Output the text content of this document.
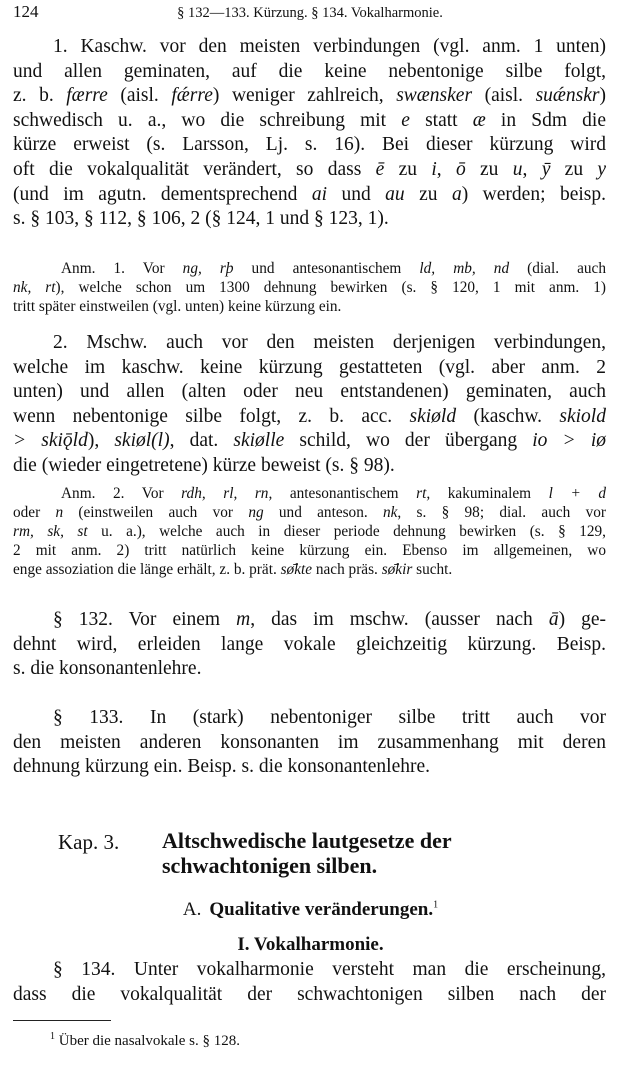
124	§ 132—133. Kürzung. § 134. Vokalharmonie.
1. Kaschw. vor den meisten verbindungen (vgl. anm. 1 unten)
und allen geminaten, auf die keine nebentonige silbe folgt,
z. b. færre (aisl. fǽrre) weniger zahlreich, swænsker (aisl. suǽnskr)
schwedisch u. a., wo die schreibung mit e statt æ in Sdm die
kürze erweist (s. Larsson, Lj. s. 16). Bei dieser kürzung wird
oft die vokalqualität verändert, so dass ē zu i, ō zu u, ȳ zu y
(und im agutn. dementsprechend ai und au zu a) werden; beisp.
s. § 103, § 112, § 106, 2 (§ 124, 1 und § 123, 1).
Anm. 1. Vor ng, rþ und antesonantischem ld, mb, nd (dial. auch
nk, rt), welche schon um 1300 dehnung bewirken (s. § 120, 1 mit anm. 1)
tritt später einstweilen (vgl. unten) keine kürzung ein.
2. Mschw. auch vor den meisten derjenigen verbindungen,
welche im kaschw. keine kürzung gestatteten (vgl. aber anm. 2
unten) und allen (alten oder neu entstandenen) geminaten, auch
wenn nebentonige silbe folgt, z. b. acc. skiøld (kaschw. skiold
> skiǭld), skiøl(l), dat. skiølle schild, wo der übergang io > iø
die (wieder eingetretene) kürze beweist (s. § 98).
Anm. 2. Vor rdh, rl, rn, antesonantischem rt, kakuminalem l + d
oder n (einstweilen auch vor ng und anteson. nk, s. § 98; dial. auch vor
rm, sk, st u. a.), welche auch in dieser periode dehnung bewirken (s. § 129,
2 mit anm. 2) tritt natürlich keine kürzung ein. Ebenso im allgemeinen, wo
enge assoziation die länge erhält, z. b. prät. sø̄kte nach präs. sø̄kir sucht.
§ 132. Vor einem m, das im mschw. (ausser nach ā) ge-
dehnt wird, erleiden lange vokale gleichzeitig kürzung. Beisp.
s. die konsonantenlehre.
§ 133. In (stark) nebentoniger silbe tritt auch vor
den meisten anderen konsonanten im zusammenhang mit deren
dehnung kürzung ein. Beisp. s. die konsonantenlehre.
Kap. 3. Altschwedische lautgesetze der
schwachtonigen silben.
A. Qualitative veränderungen.$^1$
I. Vokalharmonie.
§ 134. Unter vokalharmonie versteht man die erscheinung,
dass die vokalqualität der schwachtonigen silben nach der
$^1$ Über die nasalvokale s. § 128.
